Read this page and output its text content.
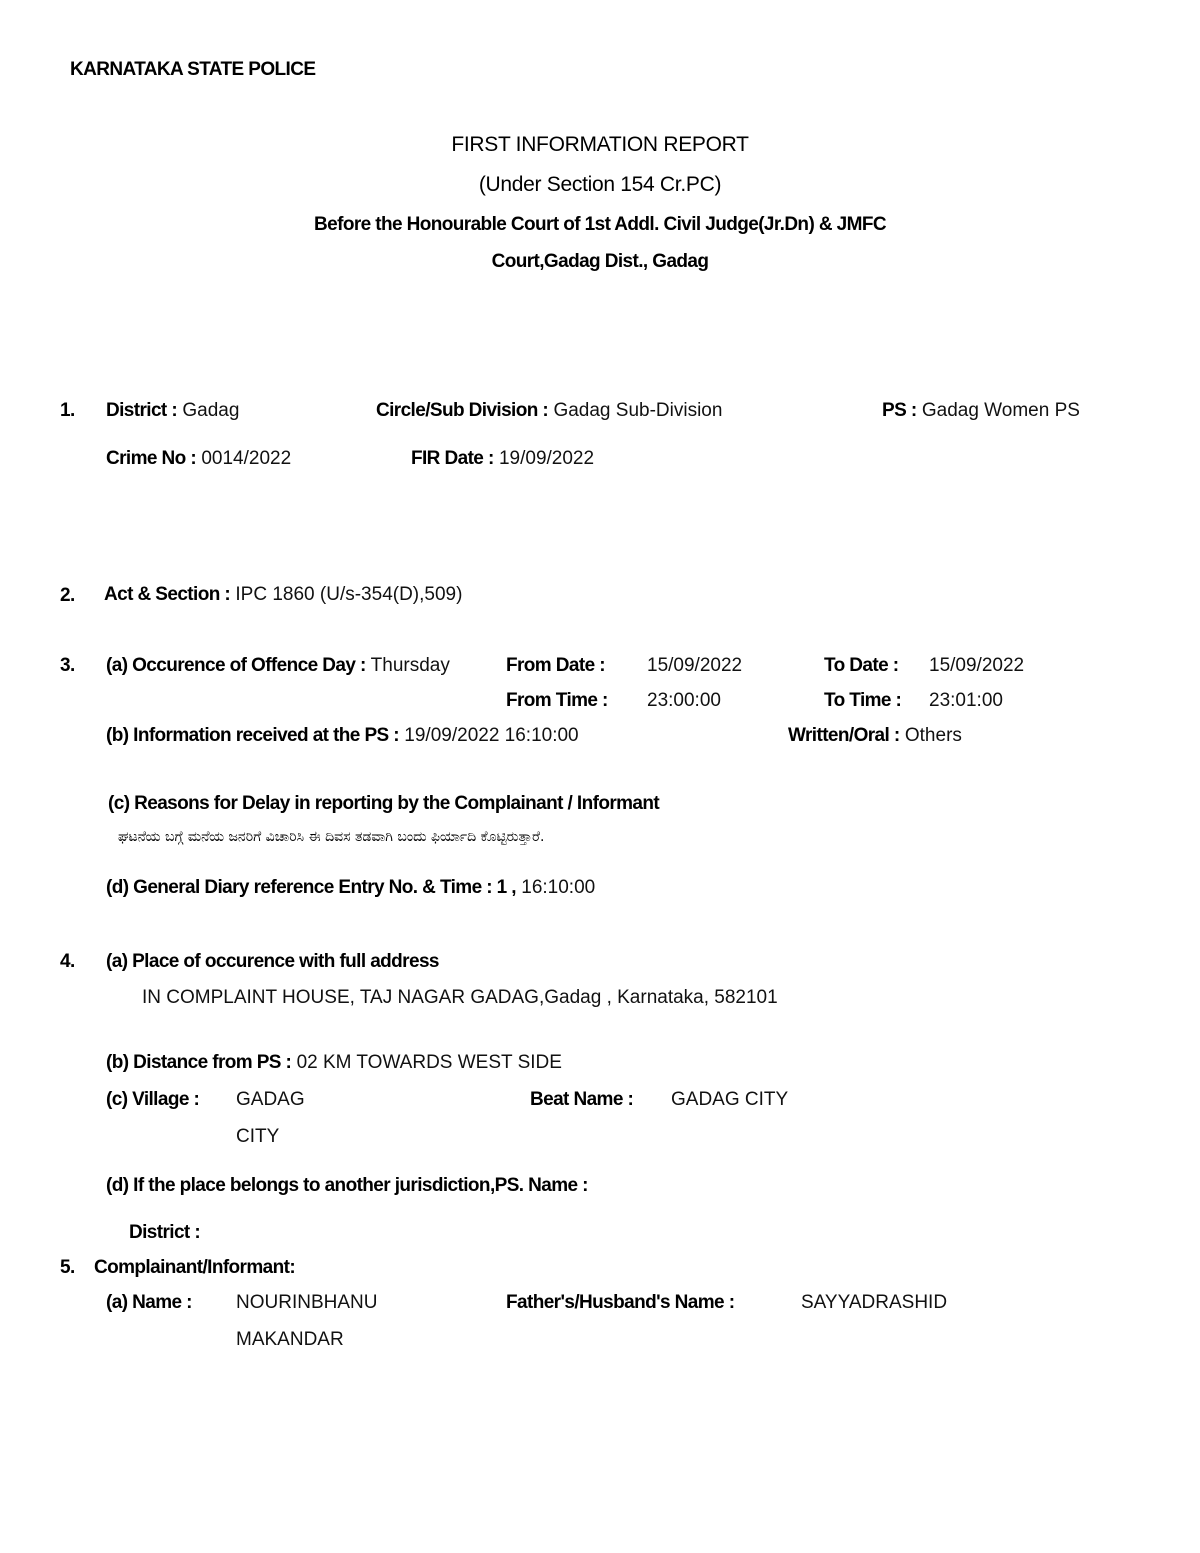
KARNATAKA STATE POLICE
FIRST INFORMATION REPORT
(Under Section 154 Cr.PC)
Before the Honourable Court of 1st Addl. Civil Judge(Jr.Dn) & JMFC
Court,Gadag Dist., Gadag
1. District : Gadag	Circle/Sub Division : Gadag Sub-Division	PS : Gadag Women PS
Crime No : 0014/2022	FIR Date : 19/09/2022
2. Act & Section : IPC 1860 (U/s-354(D),509)
3. (a) Occurence of Offence Day : Thursday	From Date : 15/09/2022	To Date : 15/09/2022
From Time : 23:00:00	To Time : 23:01:00
(b) Information received at the PS : 19/09/2022 16:10:00	Written/Oral : Others
(c) Reasons for Delay in reporting by the Complainant / Informant
ಘಟನೆಯ ಬಗ್ಗೆ ಮನೆಯ ಜನರಿಗೆ ವಿಚಾರಿಸಿ ಈ ದಿವಸ ತಡವಾಗಿ ಬಂದು ಫಿರ್ಯಾದಿ ಕೊಟ್ಟಿರುತ್ತಾರೆ.
(d) General Diary reference Entry No. & Time : 1 , 16:10:00
4. (a) Place of occurence with full address
IN COMPLAINT HOUSE, TAJ NAGAR GADAG,Gadag , Karnataka, 582101
(b) Distance from PS : 02 KM TOWARDS WEST SIDE
(c) Village : GADAG
CITY
Beat Name : GADAG CITY
(d) If the place belongs to another jurisdiction,PS. Name :
District :
5. Complainant/Informant:
(a) Name : NOURINBHANU
MAKANDAR
Father's/Husband's Name :	SAYYADRASHID
